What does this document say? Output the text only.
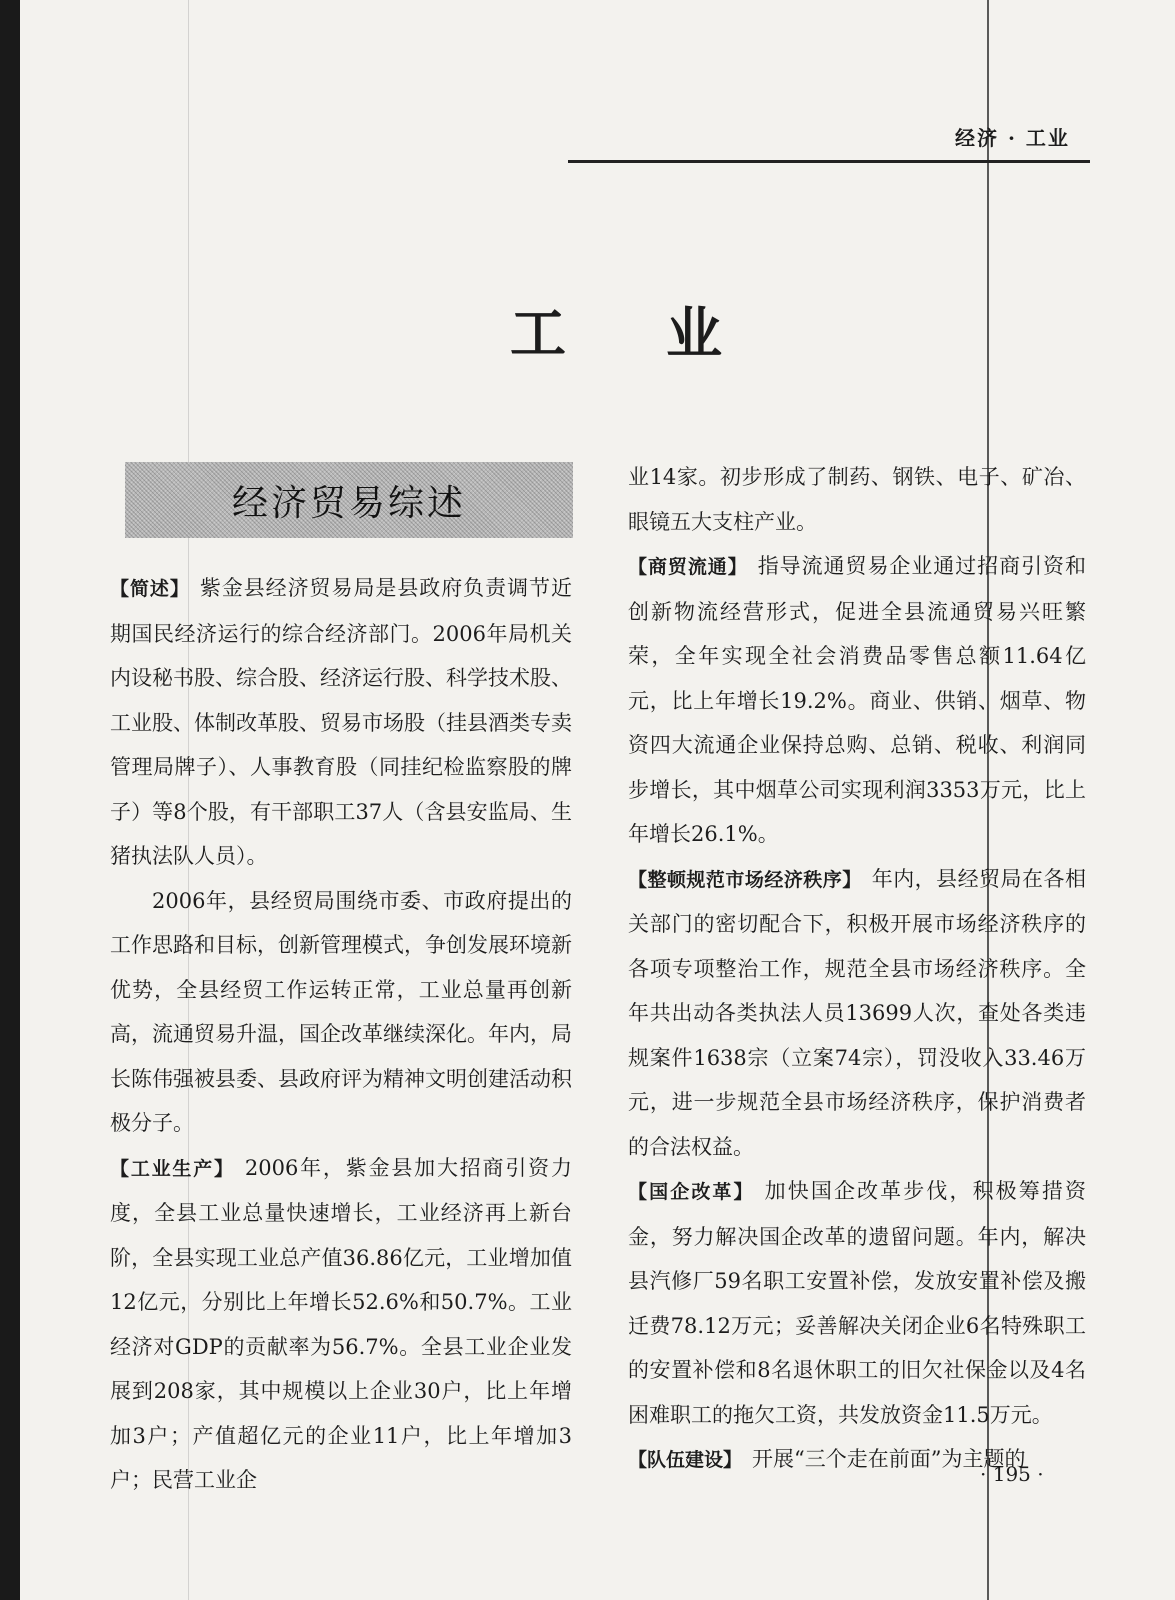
经济 · 工业
工业
经济贸易综述

【 简述 】 紫金县经济贸易局是县政府负责调节近期国民经济运行的综合经济部门。2006年局机关内设秘书股、综合股、经济运行股、科学技术股、工业股、体制改革股、贸易市场股（挂县酒类专卖管理局牌子）、人事教育股（同挂纪检监察股的牌子）等8个股，有干部职工37人（含县安监局、生猪执法队人员）。

2006年，县经贸局围绕市委、市政府提出的工作思路和目标，创新管理模式，争创发展环境新优势，全县经贸工作运转正常，工业总量再创新高，流通贸易升温，国企改革继续深化。年内，局长陈伟强被县委、县政府评为精神文明创建活动积极分子。

【 工业生产 】 2006年，紫金县加大招商引资力度，全县工业总量快速增长，工业经济再上新台阶，全县实现工业总产值36.86亿元，工业增加值12亿元，分别比上年增长52.6%和50.7%。工业经济对GDP的贡献率为56.7%。全县工业企业发展到208家，其中规模以上企业30户，比上年增加3户；产值超亿元的企业11户，比上年增加3户；民营工业企

业14家。初步形成了制药、钢铁、电子、矿冶、眼镜五大支柱产业。

【 商贸流通 】 指导流通贸易企业通过招商引资和创新物流经营形式，促进全县流通贸易兴旺繁荣，全年实现全社会消费品零售总额11.64亿元，比上年增长19.2%。商业、供销、烟草、物资四大流通企业保持总购、总销、税收、利润同步增长，其中烟草公司实现利润3353万元，比上年增长26.1%。

【 整顿规范市场经济秩序 】 年内，县经贸局在各相关部门的密切配合下，积极开展市场经济秩序的各项专项整治工作，规范全县市场经济秩序。全年共出动各类执法人员13699人次，查处各类违规案件1638宗（立案74宗），罚没收入33.46万元，进一步规范全县市场经济秩序，保护消费者的合法权益。

【 国企改革 】 加快国企改革步伐，积极筹措资金，努力解决国企改革的遗留问题。年内，解决县汽修厂59名职工安置补偿，发放安置补偿及搬迁费78.12万元；妥善解决关闭企业6名特殊职工的安置补偿和8名退休职工的旧欠社保金以及4名困难职工的拖欠工资，共发放资金11.5万元。

【 队伍建设 】 开展“三个走在前面”为主题的

· 195 ·
